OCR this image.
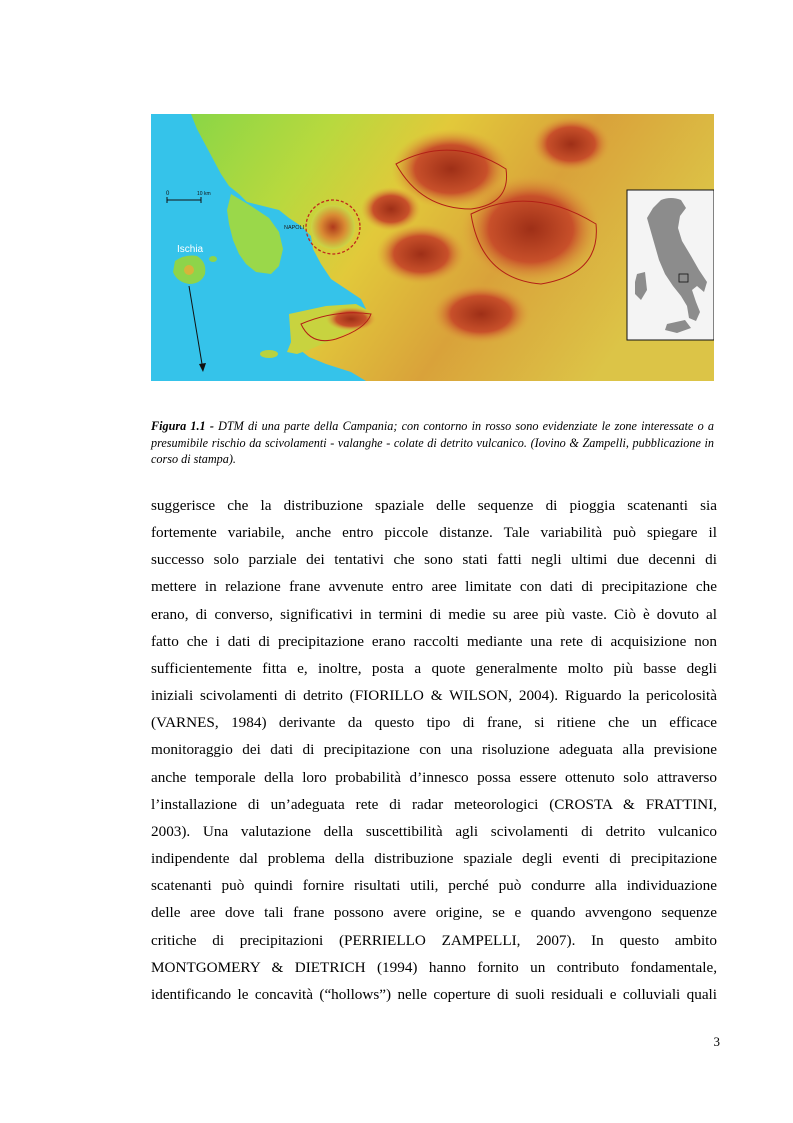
0	10 km
Ischia
NAPOLI
Figura 1.1 - DTM di una parte della Campania; con contorno in rosso sono evidenziate le zone interessate o a presumibile rischio da scivolamenti - valanghe - colate di detrito vulcanico. (Iovino & Zampelli, pubblicazione in corso di stampa).
suggerisce che la distribuzione spaziale delle sequenze di pioggia scatenanti sia
fortemente variabile, anche entro piccole distanze. Tale variabilità può spiegare il
successo solo parziale dei tentativi che sono stati fatti negli ultimi due decenni di
mettere in relazione frane avvenute entro aree limitate con dati di precipitazione che
erano, di converso, significativi in termini di medie su aree più vaste. Ciò è dovuto al
fatto che i dati di precipitazione erano raccolti mediante una rete di acquisizione non
sufficientemente fitta e, inoltre, posta a quote generalmente molto più basse degli
iniziali scivolamenti di detrito (FIORILLO & WILSON, 2004). Riguardo la pericolosità
(VARNES, 1984) derivante da questo tipo di frane, si ritiene che un efficace
monitoraggio dei dati di precipitazione con una risoluzione adeguata alla previsione
anche temporale della loro probabilità d’innesco possa essere ottenuto solo attraverso
l’installazione di un’adeguata rete di radar meteorologici (CROSTA & FRATTINI,
2003). Una valutazione della suscettibilità agli scivolamenti di detrito vulcanico
indipendente dal problema della distribuzione spaziale degli eventi di precipitazione
scatenanti può quindi fornire risultati utili, perché può condurre alla individuazione
delle aree dove tali frane possono avere origine, se e quando avvengono sequenze
critiche di precipitazioni (PERRIELLO ZAMPELLI, 2007). In questo ambito
MONTGOMERY & DIETRICH (1994) hanno fornito un contributo fondamentale,
identificando le concavità (“hollows”) nelle coperture di suoli residuali e colluviali quali
3
